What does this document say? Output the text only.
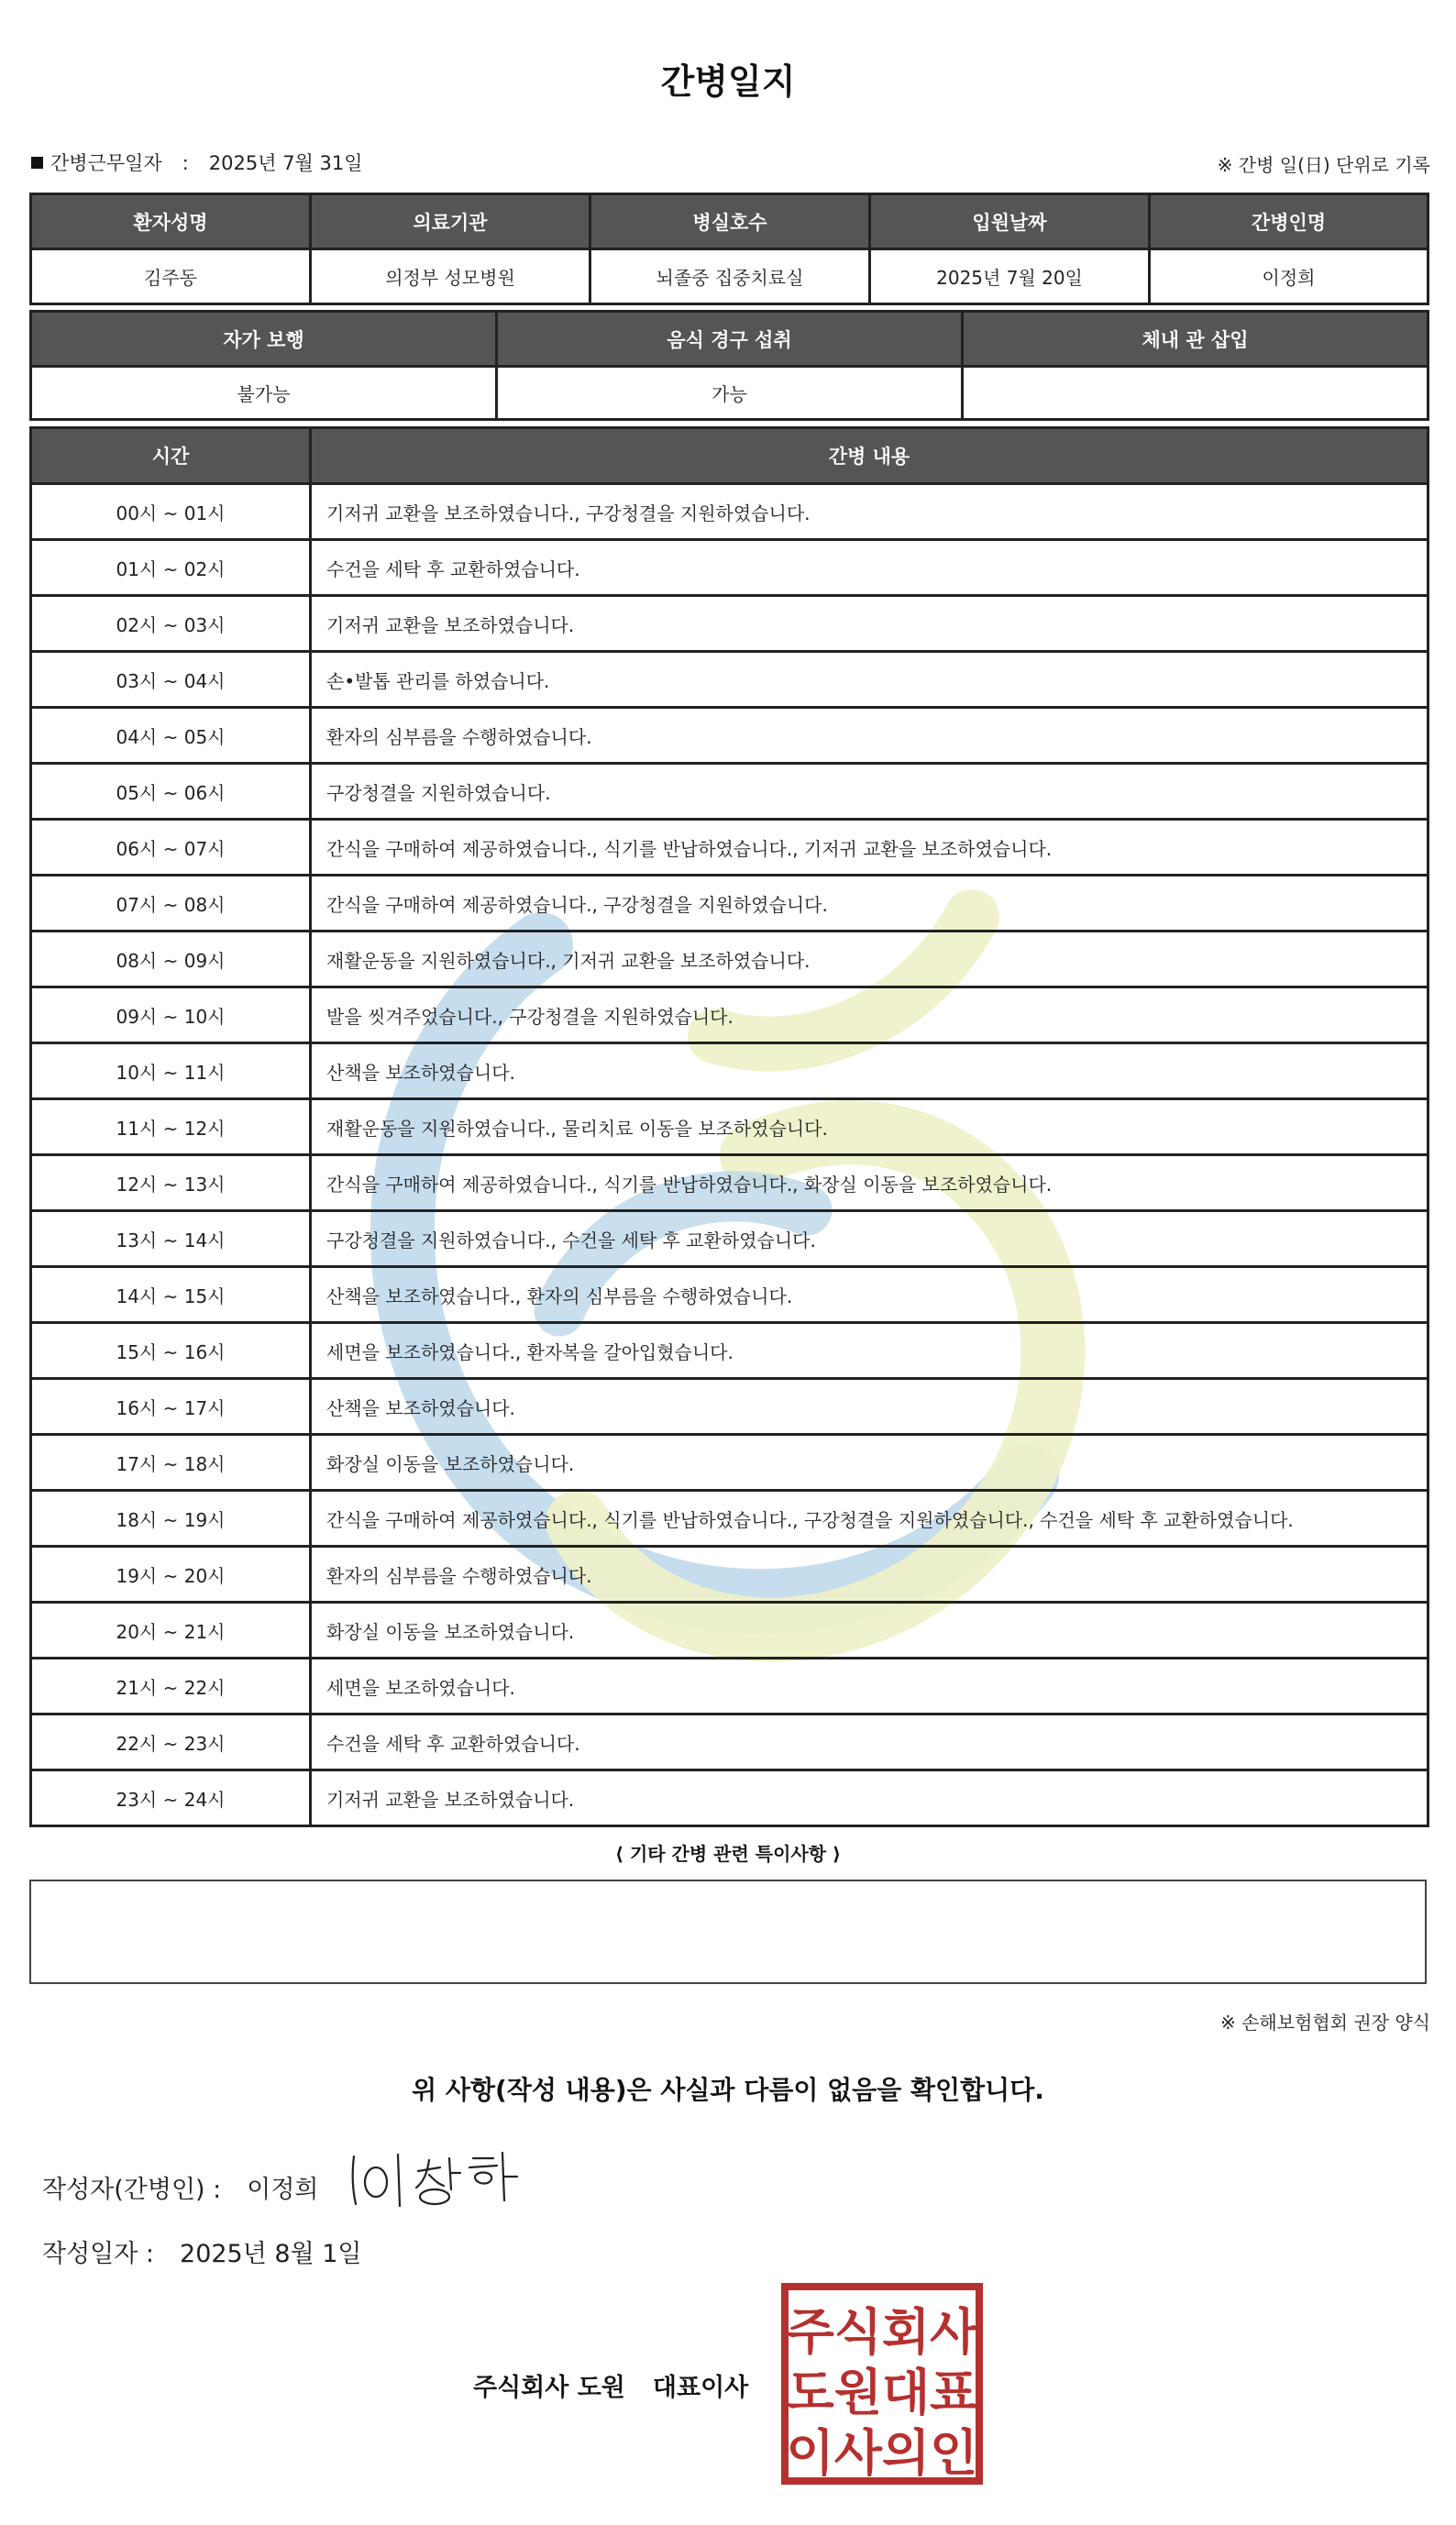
간병일지
간병근무일자 : 2025년 7월 31일	※ 간병 일(日) 단위로 기록
환자성명	의료기관	병실호수	입원날짜	간병인명
김주동	의정부 성모병원	뇌졸중 집중치료실	2025년 7월 20일	이정희
자가 보행	음식 경구 섭취	체내 관 삽입
불가능	가능	
시간	간병 내용
00시 ~ 01시	기저귀 교환을 보조하였습니다., 구강청결을 지원하였습니다.
01시 ~ 02시	수건을 세탁 후 교환하였습니다.
02시 ~ 03시	기저귀 교환을 보조하였습니다.
03시 ~ 04시	손•발톱 관리를 하였습니다.
04시 ~ 05시	환자의 심부름을 수행하였습니다.
05시 ~ 06시	구강청결을 지원하였습니다.
06시 ~ 07시	간식을 구매하여 제공하였습니다., 식기를 반납하였습니다., 기저귀 교환을 보조하였습니다.
07시 ~ 08시	간식을 구매하여 제공하였습니다., 구강청결을 지원하였습니다.
08시 ~ 09시	재활운동을 지원하였습니다., 기저귀 교환을 보조하였습니다.
09시 ~ 10시	발을 씻겨주었습니다., 구강청결을 지원하였습니다.
10시 ~ 11시	산책을 보조하였습니다.
11시 ~ 12시	재활운동을 지원하였습니다., 물리치료 이동을 보조하였습니다.
12시 ~ 13시	간식을 구매하여 제공하였습니다., 식기를 반납하였습니다., 화장실 이동을 보조하였습니다.
13시 ~ 14시	구강청결을 지원하였습니다., 수건을 세탁 후 교환하였습니다.
14시 ~ 15시	산책을 보조하였습니다., 환자의 심부름을 수행하였습니다.
15시 ~ 16시	세면을 보조하였습니다., 환자복을 갈아입혔습니다.
16시 ~ 17시	산책을 보조하였습니다.
17시 ~ 18시	화장실 이동을 보조하였습니다.
18시 ~ 19시	간식을 구매하여 제공하였습니다., 식기를 반납하였습니다., 구강청결을 지원하였습니다., 수건을 세탁 후 교환하였습니다.
19시 ~ 20시	환자의 심부름을 수행하였습니다.
20시 ~ 21시	화장실 이동을 보조하였습니다.
21시 ~ 22시	세면을 보조하였습니다.
22시 ~ 23시	수건을 세탁 후 교환하였습니다.
23시 ~ 24시	기저귀 교환을 보조하였습니다.
⟨ 기타 간병 관련 특이사항 ⟩
※ 손해보험협회 권장 양식
위 사항(작성 내용)은 사실과 다름이 없음을 확인합니다.
작성자(간병인) : 이정희
작성일자 : 2025년 8월 1일
주식회사 도원 대표이사
주식회사
도원대표
이사의인
